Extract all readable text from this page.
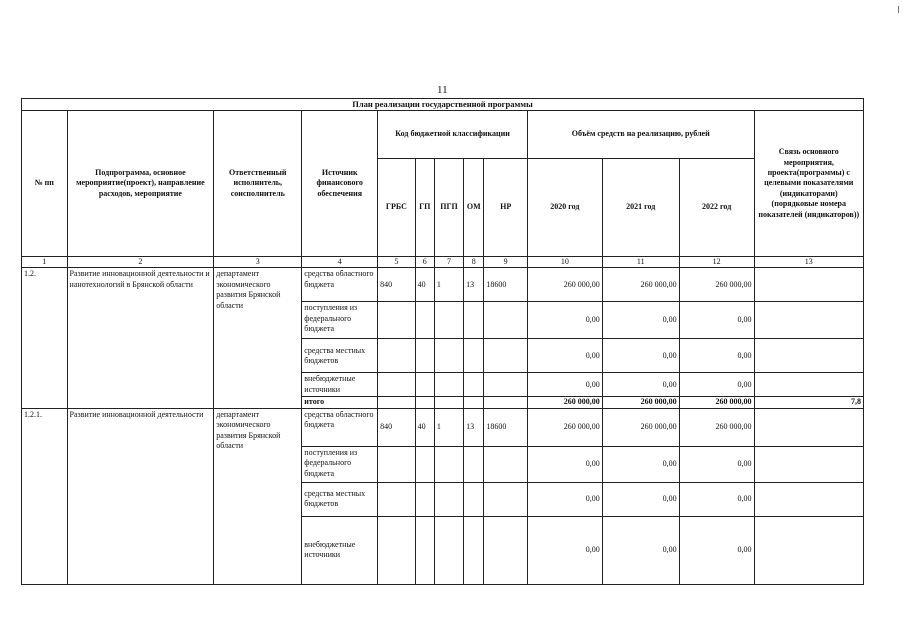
11
План реализации государственной программы												
№ пп	Подпрограмма, основное мероприятие(проект), направление расходов, мероприятие	Ответственный исполнитель, соисполнитель	Источник финансового обеспечения	Код бюджетной классификации					Объём средств на реализацию, рублей			Связь основного мероприятия, проекта(программы) с целевыми показателями (индикаторами) (порядковые номера показателей (индикаторов))
				ГРБС	ГП	ПГП	ОМ	НР	2020 год	2021 год	2022 год	
1	2	3	4	5	6	7	8	9	10	11	12	13
1.2.	Развитие инновационной деятельности и нанотехнологий в Брянской области	департамент экономического развития Брянской области	средства областного бюджета	840	40	1	13	18600	260 000,00	260 000,00	260 000,00	
			поступления из федерального бюджета						0,00	0,00	0,00	
			средства местных бюджетов						0,00	0,00	0,00	
			внебюджетные источники						0,00	0,00	0,00	
			итого						260 000,00	260 000,00	260 000,00	7,8
1.2.1.	Развитие инновационной деятельности	департамент экономического развития Брянской области	средства областного бюджета	840	40	1	13	18600	260 000,00	260 000,00	260 000,00	
			поступления из федерального бюджета						0,00	0,00	0,00	
			средства местных бюджетов						0,00	0,00	0,00	
			внебюджетные источники						0,00	0,00	0,00	
